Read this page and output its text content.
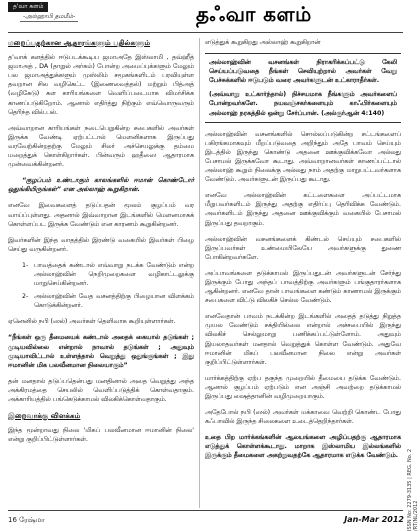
த'வா களம்
-அல்ஹாபி தமமீம்-	தஃவா களம்
மறைப்பதற்கான ஆதாரங்களும் பதில்களும்

த'வாக் களத்தில் ஈடுபடக்கூடிய ஜமாஅதே இஸ்லாமி , தவ்ஹீத் ஜமாஅத் , DA (தாறுல் அர்கம்) போன்ற அமைப்புக்களும் மேலும் பல ஜமாஅத்துக்களும் முஸ்லிம் சமூகங்களிடம் பரவியுள்ள தவறான சில வழிகெட்ட (இணைவைத்தல்) மற்றும் பித்அத் (வழிகேடு) கள காரியங்களை வெளிப்படையாக விமர்சிக்க காணப்படுகிறோம். ஆனால் எதிர்த்து நிற்கும் எவ்வொருவரும் தெரிந்த வில்.பல்.

அவ்வாறான காரியங்கள் நடைபெறுகின்ற சபைகளில் அவர்கள் இருக்க வேண்டி ஏற்பட்டால் மௌனிகளாக இருப்பது வரவேற்கின்றதற்கு மேலும் சிலர் அச்செயலுக்கு தம்மை மறைத்துக் கொள்கிறார்கள். பின்வரும் ஹதீஸை ஆதாரமாக முன்வைக்கின்றனர்.

“குழப்பம் உண்டாகும் காலங்களில் ஈமான் கொண்டோர் ஒதுங்கியிருங்கள்” என அல்லாஹ் கூறுகிறான்.

எனவே இவைகளைத் தடுப்பதன் மூலம் குழப்பம் வர வாய்ப்புள்ளது. அதனால் இவ்வாறான இடங்களில் மௌனமாகக் கொள்ளப்பட இருக்க வேண்டும் என காரணம் கூறுகின்றனர்.

இவர்களின் இந்த வாதத்தில் இரண்டு வகையில் இவர்கள் பிழை செய்து வருகின்றனர்.

1- பாவத்தைக் கண்டால் எவ்வாறு நடக்க வேண்டும் என்ற அல்லாஹ்வின் நெறிமுறைகளை வழிகாட்டலுக்கு மாறுசெய்கின்றனர்.
2- அல்லாஹ்வின் வேத வசனத்திற்கு பிழையான விளக்கம் கொடுக்கின்றனர்.

ஏனெனில் நபி (ஸல்) அவர்கள் தெளிவாக கூறியுள்ளார்கள்.

“நீங்கள் ஒரு தீமையைக் கண்டால் அதைக் கையால் தடுங்கள் ; முடியவில்லை என்றால் நாவால் தடுங்கள் ; அதுவும் முடியாவிட்டால் உள்ளத்தால் வெறுத்து ஒதுங்குங்கள் ; இது ஈமானின் மிக பலவீனமான நிலையாகும்”

தன் மனதால் தடுப்பதென்பது மனதினால் அதை வெறுத்து அந்த அக்கிரமத்தை செயலில் வெளிப்படுத்திக் கொள்வதாகும். அக்காரியத்தில் பங்கெடுக்காமல் விலகிக்கொள்வதாகும்.

இறைவாக்கு விளக்கம்

இந்த மூன்றாவது நிலை 'மிகப் பலவீனமான ஈமானின் நிலை' என்று குறிப்பிட்டுள்ளார்கள்.

எடுத்துக் கூறுகிறது அல்லாஹ் கூறுகிறான்

அல்லாஹ்வின் வசனங்கள் நிராகரிக்கப்பட்டு கேலி செய்யப்படுவதை நீங்கள் செவியுற்றால் அவர்கள் வேறு பேச்சுக்களில் ஈடுபடும் வரை அவர்களுடன் உட்காராதீர்கள்.

(அவ்வாறு உட்கார்ந்தால்) நிச்சயமாக நீங்களும் அவர்களைப் போன்றவர்களே. நயவஞ்சகர்களையும் காஃபிர்களையும் அல்லாஹ் நரகத்தில் ஒன்று சேர்ப்பான். (அல்குர்ஆன் 4:140)

அல்லாஹ்வின் வசனங்களில் சொல்லப்படுகின்ற சட்டங்களைப் பகிரங்கமாகவும் மீறப்படுவதை அறிந்தும் அதே பாவம் செய்யும் இடத்தில் இருந்து கொண்டு அதனை ஊக்குவிக்கவோ அல்லது பேசாமல் இருக்கவோ கூடாது. அவ்வாறானவர்கள் காணப்பட்டால் அல்லாஹ் கூறும் நிலைக்கு அல்லது நாம் அதற்கு மாறுபட்டவர்களாக வேண்டும். அவர்களுடன் இருப்பது கூடாது.

எனவே அல்லாஹ்வின் கட்டளைகளை அப்பட்டமாக மீறுபவர்களிடம் இருந்து அதற்கு எதிர்ப்பு தெரிவிக்க வேண்டும். அவர்களிடம் இருந்து அதனை ஊக்குவிக்கும் வகையில் பேசாமல் இருப்பது தவறாகும்.

அல்லாஹ்வின் வசனங்களைக் கிண்டல் செய்யும் சபைகளில் இருப்பவர்கள் உண்மையிலேயே அவர்களுக்கு துணை போகின்றவர்களே.

அப்பாவங்களை தடுக்காமல் இருப்பதுடன் அவர்களுடன் சேர்ந்து இருக்கும் போது அந்தப் பாவத்திற்கு அவர்களும் பங்குதாரர்களாக ஆகின்றனர். எனவே தான் பாவங்களை கண்டும் காணாமல் இருக்கும் சபைகளை விட்டு விலகிச் செல்ல வேண்டும்.

எனவேதான் பாவம் நடக்கின்ற இடங்களில் அதைத் தடுத்து நிறுத்த முயல வேண்டும் சக்தியில்லை என்றால் அச்சபையில் இருந்து விலகிச் செல்லுமாறு பணிக்கப்பட்டுள்ளோம். அதுவும் இயலாதவர்கள் மனதால் வெறுத்துக் கொள்ள வேண்டும். அதுவே ஈமானின் மிகப் பலவீனமான நிலை என்று அவர்கள் குறிப்பிட்டுள்ளார்கள்.

மார்க்கத்திற்கு ஏற்ப தகுந்த முறையில் தீமையை தடுக்க வேண்டும். ஆனால் குழப்பம் ஏற்படும் என அஞ்சி அவற்றை தடுக்காமல் இருப்பது ஷைத்தானின் வழிமுறையாகும்.

அதேபோல் நபி (ஸல்) அவர்கள் மக்காவை வெற்றி கொண்ட போது கஃபாவில் இருந்த சிலைகளை உடைத்தெறிந்தார்கள்.

உதை பிற மார்க்கங்களின் ஆலயங்களை அழிப்பதற்கு ஆதாரமாக எடுத்துக் கொள்ளக்கூடாது. மாறாக இஸ்லாமிய இல்லங்களில் இருக்கும் தீமைகளை அகற்றுவதற்கே ஆதாரமாக எடுக்க வேண்டும்.	ISSN No: 2279-3135 | REG. No. 2 /RT/NL/2012
16 ரேஷ்மா	Jan-Mar 2012
